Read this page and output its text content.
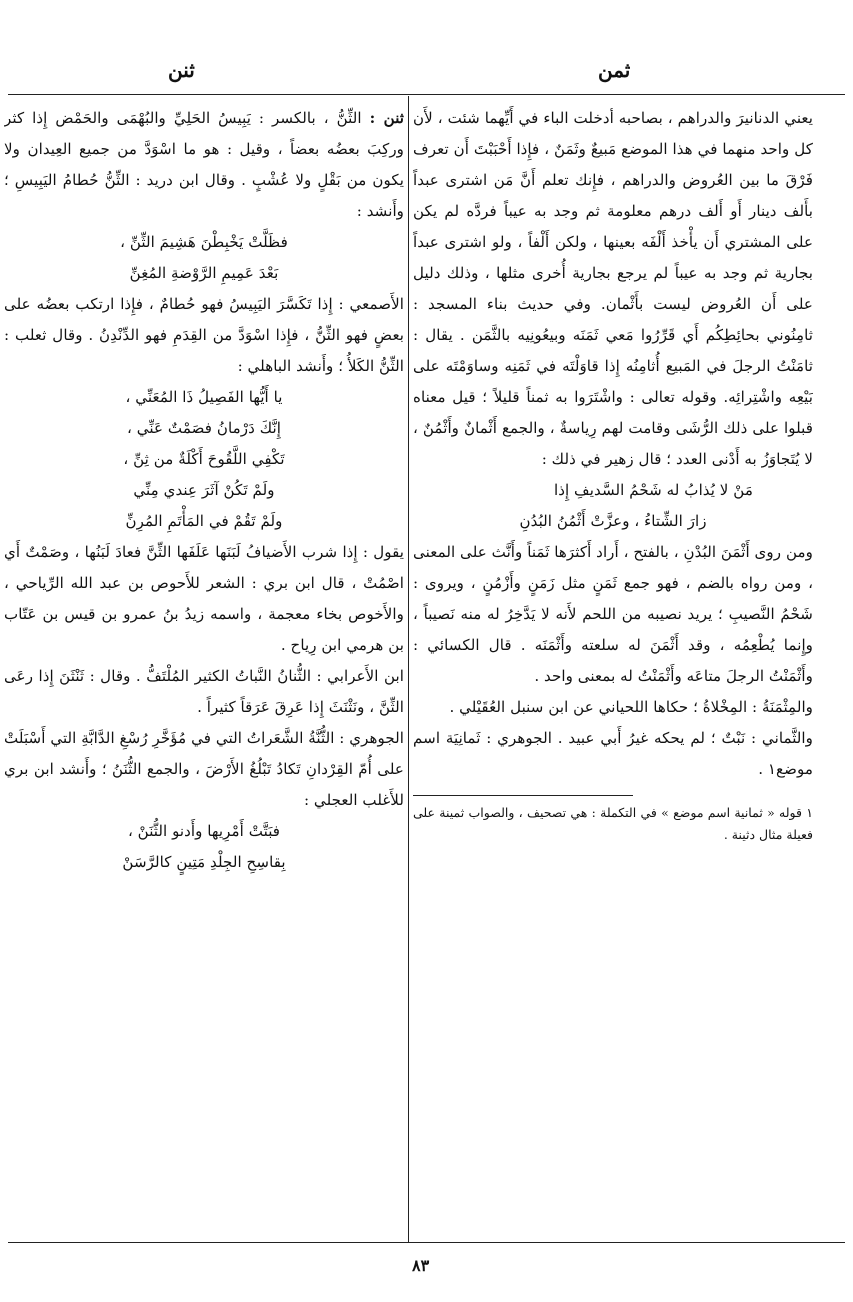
ثمن
ثنن

يعني الدنانيرَ والدراهم ، بصاحبه أدخلت الباء في أَيِّهما شئت ، لأَن كل واحد منهما في هذا الموضع مَبيعٌ وثَمَنٌ ، فإِذا أَحْبَبْتَ أَن تعرف فَرْقَ ما بين العُروض والدراهم ، فإِنك تعلم أَنَّ مَن اشترى عبداً بأَلف دينار أَو أَلف درهم معلومة ثم وجد به عيباً فردَّه لم يكن على المشتري أَن يأْخذ أَلْفَه بعينها ، ولكن أَلْفاً ، ولو اشترى عبداً بجارية ثم وجد به عيباً لم يرجع بجارية أُخرى مثلها ، وذلك دليل على أَن العُروض ليست بأَثْمان. وفي حديث بناء المسجد : ثامِنُوني بحائِطِكُم أَي قَرِّرُوا مَعي ثَمَنَه وبيعُونِيه بالثَّمَن . يقال : ثامَنْتُ الرجلَ في المَبيع أُثامِنُه إِذا قاوَلْتَه في ثَمَنِه وساوَمْتَه على بَيْعِه واشْتِرائِه. وقوله تعالى : واشْتَرَوا به ثمناً قليلاً ؛ قيل معناه قبلوا على ذلك الرُّشَى وقامت لهم رِياسةٌ ، والجمع أَثْمانٌ وأَثْمُنٌ ، لا يُتَجاوَزُ به أَدْنى العدد ؛ قال زهير في ذلك :

مَنْ لا يُذابُ له شَحْمُ السَّديفِ إِذا

زارَ الشِّتاءُ ، وعزَّتْ أَثْمُنُ البُدُنِ

ومن روى أَثْمَنَ البُدْنِ ، بالفتح ، أَراد أَكثرَها ثَمَناً وأَنَّث على المعنى ، ومن رواه بالضم ، فهو جمع ثَمَنٍ مثل زَمَنٍ وأَزْمُنٍ ، ويروى : شَحْمُ النَّصيبِ ؛ يريد نصيبه من اللحم لأَنه لا يَدَّخِرُ له منه نَصيباً ، وإِنما يُطْعِمُه ، وقد أَثْمَنَ له سلعته وأَثْمَنَه . قال الكسائي : وأَثْمَنْتُ الرجلَ متاعَه وأَثْمَنْتُ له بمعنى واحد .

والمِثْمَنَةُ : المِخْلاةُ ؛ حكاها اللحياني عن ابن سنبل العُقَيْلي .

والثَّماني : نَبْتٌ ؛ لم يحكه غيرُ أَبي عبيد . الجوهري : ثَمانِيَة اسم موضع١ .

١ قوله « ثمانية اسم موضع » في التكملة : هي تصحيف ، والصواب ثمينة على فعيلة مثال دثينة .

ثنن : الثِّنُّ ، بالكسر : يَبِيسُ الحَلِيِّ والبُهْمَى والحَمْض إِذا كثر وركِبَ بعضُه بعضاً ، وقيل : هو ما اسْوَدَّ من جميع العِيدان ولا يكون من بَقْلٍ ولا عُشْبٍ . وقال ابن دريد : الثِّنُّ حُطامُ اليَبِيسِ ؛ وأَنشد :

فظَلَّتْ يَخْبِطْنَ هَشِيمَ الثِّنِّ ،

بَعْدَ عَمِيمِ الرَّوْضةِ المُغِنِّ

الأَصمعي : إِذا تَكَسَّرَ اليَبِيسُ فهو حُطامٌ ، فإِذا ارتكب بعضُه على بعضٍ فهو الثِّنُّ ، فإِذا اسْوَدَّ من القِدَمِ فهو الدِّنْدِنُ . وقال ثعلب : الثِّنُّ الكَلأُ ؛ وأَنشد الباهلي :

يا أَيُّها الفَصِيلُ ذَا المُعَنِّي ،

إِنَّكَ دَرْمانُ فصَمْتٌ عَنِّي ،

تَكْفِي اللَّقُوحَ أَكْلَةٌ من ثِنِّ ،

ولَمْ تَكُنْ آثَرَ عِندي مِنِّي

ولَمْ تَقُمْ في المَأْتَمِ المُرِنِّ

يقول : إِذا شرب الأَضيافُ لَبَنَها عَلَفَها الثِّنَّ فعادَ لَبَنُها ، وصَمْتٌ أَي اصْمُتْ ، قال ابن بري : الشعر للأَحوص بن عبد الله الرِّياحي ، والأَخوص بخاء معجمة ، واسمه زيدُ بنُ عمرو بن قيس بن عَتّاب بن هرمي ابن رِياح .

ابن الأَعرابي : الثُّنانُ النَّباتُ الكثير المُلْتَفُّ . وقال : ثَنْثَنَ إِذا رعَى الثِّنَّ ، ونَثْنَثَ إِذا عَرِقَ عَرَقاً كثيراً .

الجوهري : الثُّنَّةُ الشَّعَراتُ التي في مُؤَخَّرِ رُسْغِ الدَّابَّةِ التي أَسْبَلَتْ على أُمّ القِرْدانِ تَكادُ تَبْلُغُ الأَرْضَ ، والجمع الثُّنَنُ ؛ وأَنشد ابن بري للأَغلب العجلي :

فبَتَّتْ أَمْرِيها وأَدنو الثُّنَنْ ،

بِقاسِحِ الجِلْدِ مَتِينٍ كالرَّسَنْ

٨٣
